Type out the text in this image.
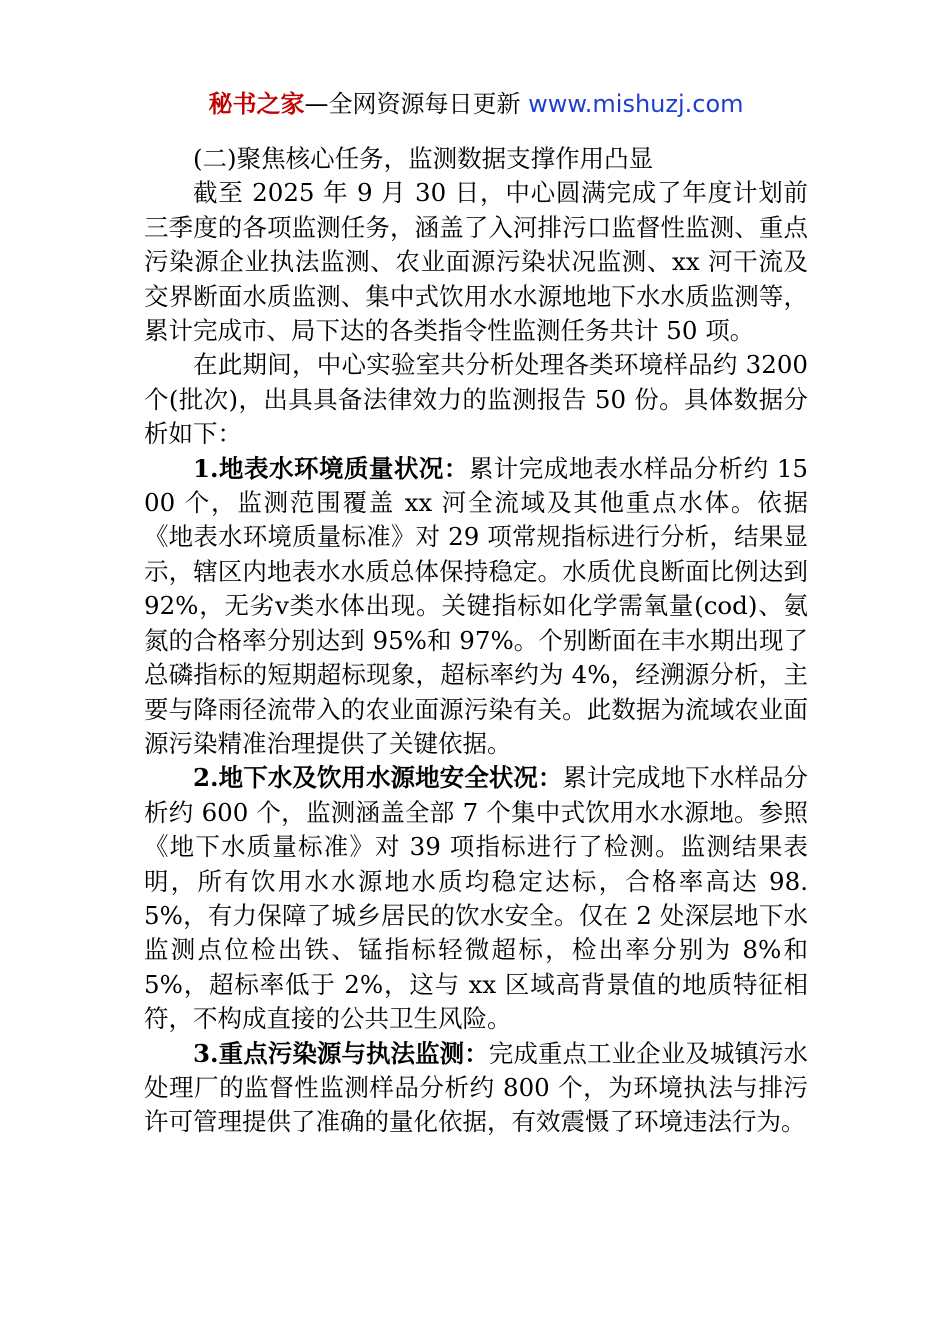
秘书之家—全网资源每日更新 www.mishuzj.com

(二)聚焦核心任务，监测数据支撑作用凸显

截至 2025 年 9 月 30 日，中心圆满完成了年度计划前三季度的各项监测任务，涵盖了入河排污口监督性监测、重点污染源企业执法监测、农业面源污染状况监测、xx 河干流及交界断面水质监测、集中式饮用水水源地地下水水质监测等，累计完成市、局下达的各类指令性监测任务共计 50 项。

在此期间，中心实验室共分析处理各类环境样品约 3200 个(批次)，出具具备法律效力的监测报告 50 份。具体数据分析如下：

1.地表水环境质量状况：累计完成地表水样品分析约 1500 个，监测范围覆盖 xx 河全流域及其他重点水体。依据《地表水环境质量标准》对 29 项常规指标进行分析，结果显示，辖区内地表水水质总体保持稳定。水质优良断面比例达到 92%，无劣ⅴ类水体出现。关键指标如化学需氧量(cod)、氨氮的合格率分别达到 95%和 97%。个别断面在丰水期出现了总磷指标的短期超标现象，超标率约为 4%，经溯源分析，主要与降雨径流带入的农业面源污染有关。此数据为流域农业面源污染精准治理提供了关键依据。

2.地下水及饮用水源地安全状况：累计完成地下水样品分析约 600 个，监测涵盖全部 7 个集中式饮用水水源地。参照《地下水质量标准》对 39 项指标进行了检测。监测结果表明，所有饮用水水源地水质均稳定达标，合格率高达 98.5%，有力保障了城乡居民的饮水安全。仅在 2 处深层地下水监测点位检出铁、锰指标轻微超标，检出率分别为 8%和 5%，超标率低于 2%，这与 xx 区域高背景值的地质特征相符，不构成直接的公共卫生风险。

3.重点污染源与执法监测：完成重点工业企业及城镇污水处理厂的监督性监测样品分析约 800 个，为环境执法与排污许可管理提供了准确的量化依据，有效震慑了环境违法行为。
